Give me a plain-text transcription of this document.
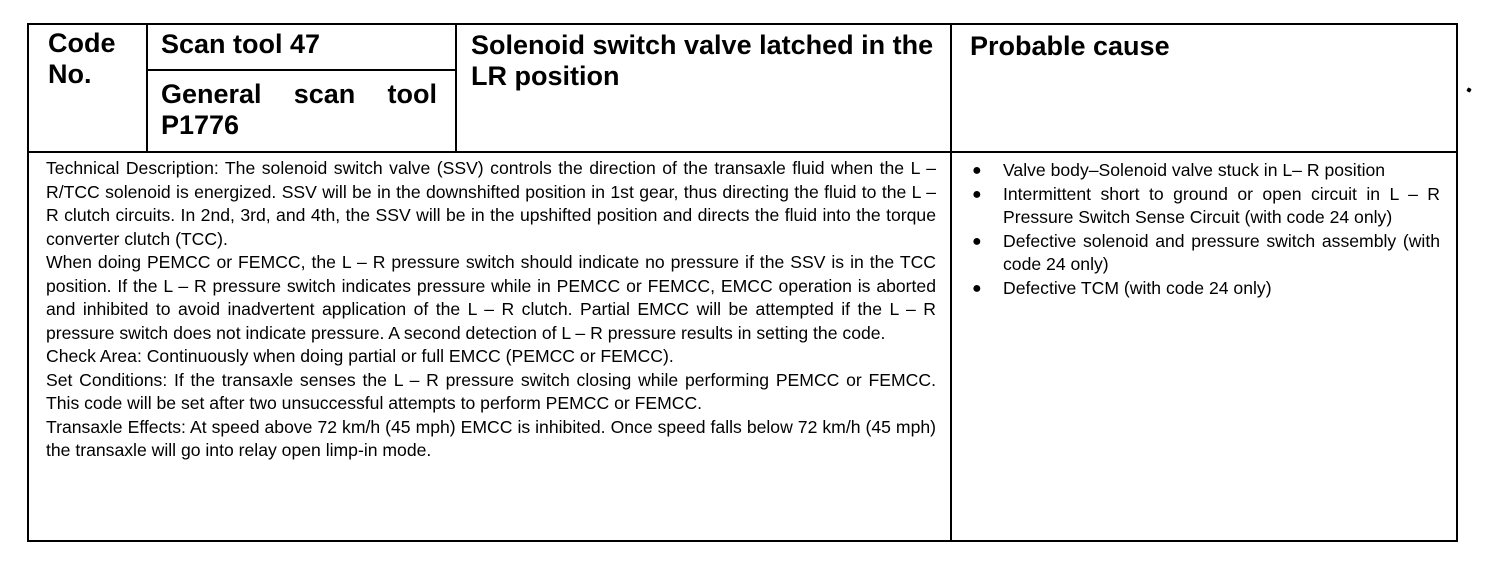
Code No.
Scan tool 47
General scan tool
P1776
Solenoid switch valve latched in the LR position
Probable cause

Technical Description: The solenoid switch valve (SSV) controls the direction of the transaxle fluid when the L – R/TCC solenoid is energized. SSV will be in the downshifted position in 1st gear, thus directing the fluid to the L – R clutch circuits. In 2nd, 3rd, and 4th, the SSV will be in the upshifted position and directs the fluid into the torque converter clutch (TCC).

When doing PEMCC or FEMCC, the L – R pressure switch should indicate no pressure if the SSV is in the TCC position. If the L – R pressure switch indicates pressure while in PEMCC or FEMCC, EMCC operation is aborted and inhibited to avoid inadvertent application of the L – R clutch. Partial EMCC will be attempted if the L – R pressure switch does not indicate pressure. A second detection of L – R pressure results in setting the code.

Check Area: Continuously when doing partial or full EMCC (PEMCC or FEMCC).

Set Conditions: If the transaxle senses the L – R pressure switch closing while performing PEMCC or FEMCC. This code will be set after two unsuccessful attempts to perform PEMCC or FEMCC.

Transaxle Effects: At speed above 72 km/h (45 mph) EMCC is inhibited. Once speed falls below 72 km/h (45 mph) the transaxle will go into relay open limp-in mode.

● Valve body–Solenoid valve stuck in L– R position
● Intermittent short to ground or open circuit in L – R Pressure Switch Sense Circuit (with code 24 only)
● Defective solenoid and pressure switch assembly (with code 24 only)
● Defective TCM (with code 24 only)
